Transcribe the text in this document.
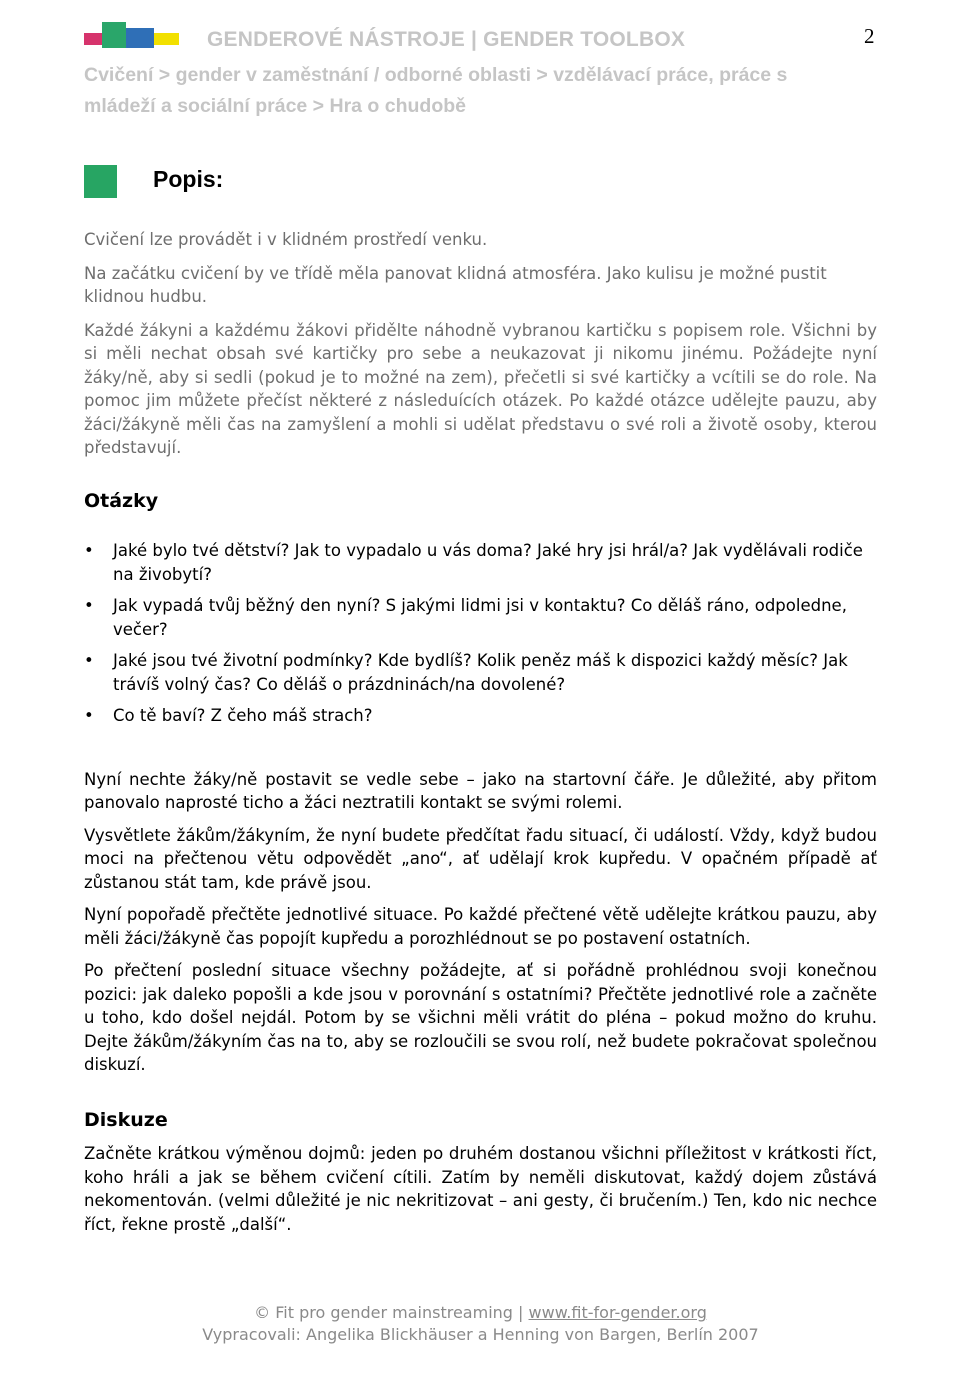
GENDEROVÉ NÁSTROJE | GENDER TOOLBOX	2
Cvičení > gender v zaměstnání / odborné oblasti > vzdělávací práce, práce s mládeží a sociální práce > Hra o chudobě
Popis:

Cvičení lze provádět i v klidném prostředí venku.

Na začátku cvičení by ve třídě měla panovat klidná atmosféra. Jako kulisu je možné pustit klidnou hudbu.

Každé žákyni a každému žákovi přidělte náhodně vybranou kartičku s popisem role. Všichni by si měli nechat obsah své kartičky pro sebe a neukazovat ji nikomu jinému. Požádejte nyní žáky/ně, aby si sedli (pokud je to možné na zem), přečetli si své kartičky a vcítili se do role. Na pomoc jim můžete přečíst některé z následuících otázek. Po každé otázce udělejte pauzu, aby žáci/žákyně měli čas na zamyšlení a mohli si udělat představu o své roli a životě osoby, kterou představují.

Otázky
• Jaké bylo tvé dětství? Jak to vypadalo u vás doma? Jaké hry jsi hrál/a? Jak vydělávali rodiče na živobytí?
• Jak vypadá tvůj běžný den nyní? S jakými lidmi jsi v kontaktu? Co děláš ráno, odpoledne, večer?
• Jaké jsou tvé životní podmínky? Kde bydlíš? Kolik peněz máš k dispozici každý měsíc? Jak trávíš volný čas? Co děláš o prázdninách/na dovolené?
• Co tě baví? Z čeho máš strach?

Nyní nechte žáky/ně postavit se vedle sebe – jako na startovní čáře. Je důležité, aby přitom panovalo naprosté ticho a žáci neztratili kontakt se svými rolemi.

Vysvětlete žákům/žákyním, že nyní budete předčítat řadu situací, či událostí. Vždy, když budou moci na přečtenou větu odpovědět „ano“, ať udělají krok kupředu. V opačném případě ať zůstanou stát tam, kde právě jsou.

Nyní popořadě přečtěte jednotlivé situace. Po každé přečtené větě udělejte krátkou pauzu, aby měli žáci/žákyně čas popojít kupředu a porozhlédnout se po postavení ostatních.

Po přečtení poslední situace všechny požádejte, ať si pořádně prohlédnou svoji konečnou pozici: jak daleko popošli a kde jsou v porovnání s ostatními? Přečtěte jednotlivé role a začněte u toho, kdo došel nejdál. Potom by se všichni měli vrátit do pléna – pokud možno do kruhu. Dejte žákům/žákyním čas na to, aby se rozloučili se svou rolí, než budete pokračovat společnou diskuzí.

Diskuze

Začněte krátkou výměnou dojmů: jeden po druhém dostanou všichni příležitost v krátkosti říct, koho hráli a jak se během cvičení cítili. Zatím by neměli diskutovat, každý dojem zůstává nekomentován. (velmi důležité je nic nekritizovat – ani gesty, či bručením.) Ten, kdo nic nechce říct, řekne prostě „další“.

© Fit pro gender mainstreaming | www.fit-for-gender.org
Vypracovali: Angelika Blickhäuser a Henning von Bargen, Berlín 2007
